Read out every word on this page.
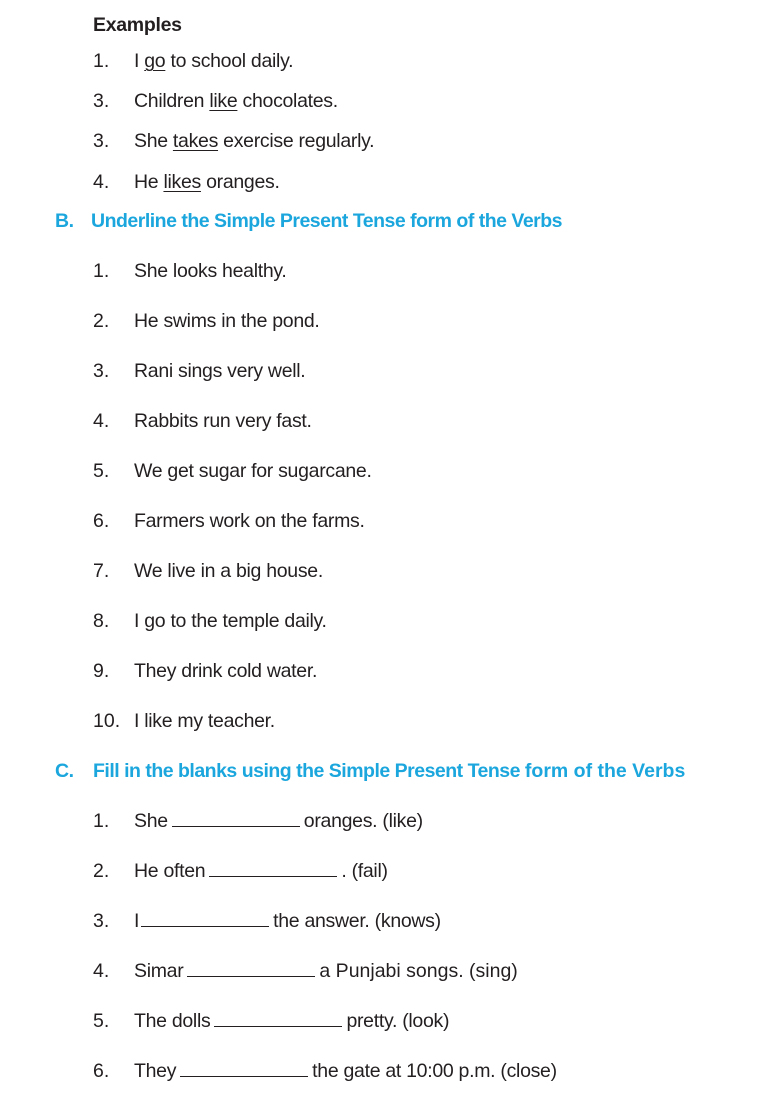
Examples
1. I go to school daily.
3. Children like chocolates.
3. She takes exercise regularly.
4. He likes oranges.
B. Underline the Simple Present Tense form of the Verbs
1. She looks healthy.
2. He swims in the pond.
3. Rani sings very well.
4. Rabbits run very fast.
5. We get sugar for sugarcane.
6. Farmers work on the farms.
7. We live in a big house.
8. I go to the temple daily.
9. They drink cold water.
10. I like my teacher.
C. Fill in the blanks using the Simple Present Tense form of the Verbs
1. She	oranges. (like)
2. He often	. (fail)
3. I	the answer. (knows)
4. Simar	a Punjabi songs. (sing)
5. The dolls	pretty. (look)
6. They	the gate at 10:00 p.m. (close)
